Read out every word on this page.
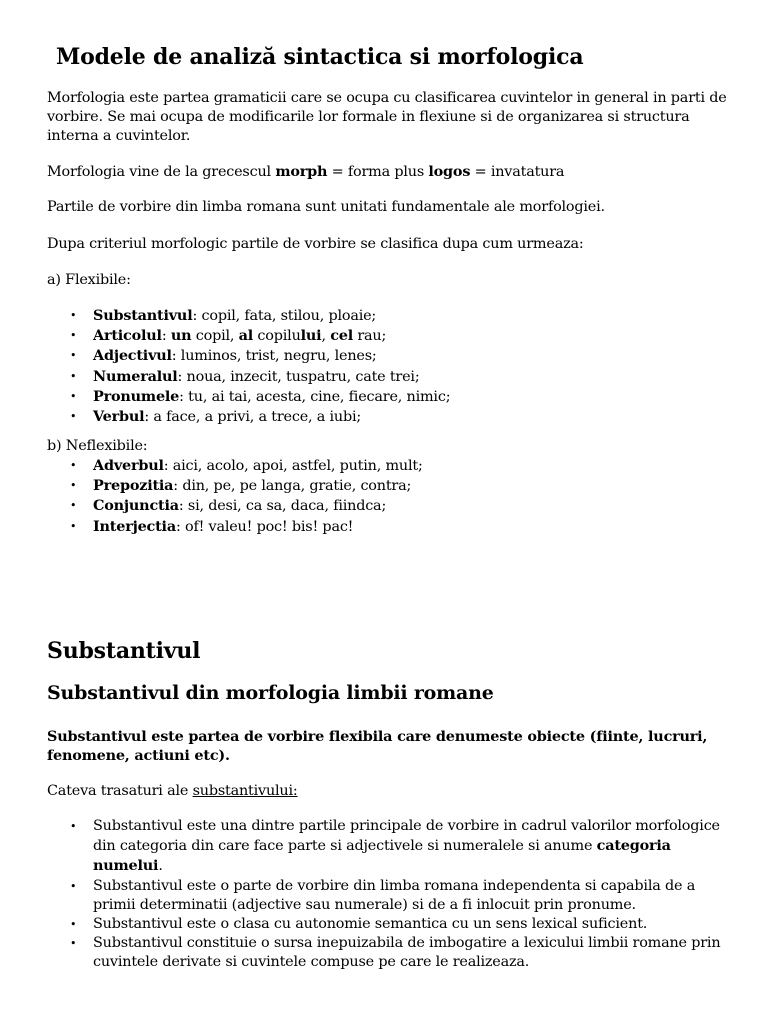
Modele de analiză sintactica si morfologica
Morfologia este partea gramaticii care se ocupa cu clasificarea cuvintelor in general in parti de vorbire. Se mai ocupa de modificarile lor formale in flexiune si de organizarea si structura interna a cuvintelor.
Morfologia vine de la grecescul morph = forma plus logos = invatatura
Partile de vorbire din limba romana sunt unitati fundamentale ale morfologiei.
Dupa criteriul morfologic partile de vorbire se clasifica dupa cum urmeaza:
a) Flexibile:
• Substantivul: copil, fata, stilou, ploaie;
• Articolul: un copil, al copilului, cel rau;
• Adjectivul: luminos, trist, negru, lenes;
• Numeralul: noua, inzecit, tuspatru, cate trei;
• Pronumele: tu, ai tai, acesta, cine, fiecare, nimic;
• Verbul: a face, a privi, a trece, a iubi;
b) Neflexibile:
• Adverbul: aici, acolo, apoi, astfel, putin, mult;
• Prepozitia: din, pe, pe langa, gratie, contra;
• Conjunctia: si, desi, ca sa, daca, fiindca;
• Interjectia: of! valeu! poc! bis! pac!
Substantivul
Substantivul din morfologia limbii romane
Substantivul este partea de vorbire flexibila care denumeste obiecte (fiinte, lucruri, fenomene, actiuni etc).
Cateva trasaturi ale substantivului:
• Substantivul este una dintre partile principale de vorbire in cadrul valorilor morfologice din categoria din care face parte si adjectivele si numeralele si anume categoria numelui.
• Substantivul este o parte de vorbire din limba romana independenta si capabila de a primii determinatii (adjective sau numerale) si de a fi inlocuit prin pronume.
• Substantivul este o clasa cu autonomie semantica cu un sens lexical suficient.
• Substantivul constituie o sursa inepuizabila de imbogatire a lexicului limbii romane prin cuvintele derivate si cuvintele compuse pe care le realizeaza.
